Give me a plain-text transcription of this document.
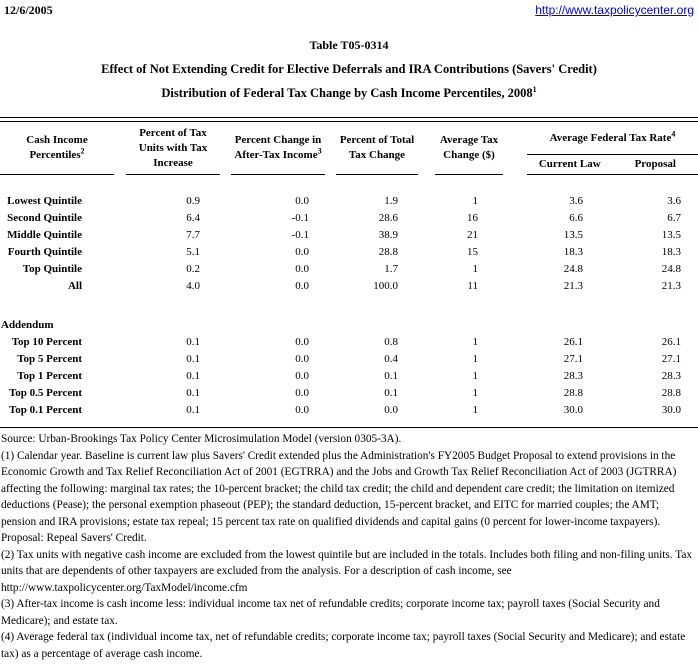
12/6/2005	http://www.taxpolicycenter.org
Table T05-0314
Effect of Not Extending Credit for Elective Deferrals and IRA Contributions (Savers' Credit)
Distribution of Federal Tax Change by Cash Income Percentiles, 2008$^1$
Cash Income Percentiles$^2$	Percent of Tax Units with Tax Increase	Percent Change in After-Tax Income$^3$	Percent of Total Tax Change	Average Tax Change ($)	Average Federal Tax Rate$^4$
Current Law Proposal	

Lowest Quintile	0.9	0.0	1.9	1	3.6	3.6
Second Quintile	6.4	-0.1	28.6	16	6.6	6.7
Middle Quintile	7.7	-0.1	38.9	21	13.5	13.5
Fourth Quintile	5.1	0.0	28.8	15	18.3	18.3
Top Quintile	0.2	0.0	1.7	1	24.8	24.8
All	4.0	0.0	100.0	11	21.3	21.3

Addendum						
Top 10 Percent	0.1	0.0	0.8	1	26.1	26.1
Top 5 Percent	0.1	0.0	0.4	1	27.1	27.1
Top 1 Percent	0.1	0.0	0.1	1	28.3	28.3
Top 0.5 Percent	0.1	0.0	0.1	1	28.8	28.8
Top 0.1 Percent	0.1	0.0	0.0	1	30.0	30.0

Source: Urban-Brookings Tax Policy Center Microsimulation Model (version 0305-3A).

(1) Calendar year. Baseline is current law plus Savers' Credit extended plus the Administration's FY2005 Budget Proposal to extend provisions in the Economic Growth and Tax Relief Reconciliation Act of 2001 (EGTRRA) and the Jobs and Growth Tax Relief Reconciliation Act of 2003 (JGTRRA) affecting the following: marginal tax rates; the 10-percent bracket; the child tax credit; the child and dependent care credit; the limitation on itemized deductions (Pease); the personal exemption phaseout (PEP); the standard deduction, 15-percent bracket, and EITC for married couples; the AMT; pension and IRA provisions; estate tax repeal; 15 percent tax rate on qualified dividends and capital gains (0 percent for lower-income taxpayers). Proposal: Repeal Savers' Credit.

(2) Tax units with negative cash income are excluded from the lowest quintile but are included in the totals. Includes both filing and non-filing units. Tax units that are dependents of other taxpayers are excluded from the analysis. For a description of cash income, see http://www.taxpolicycenter.org/TaxModel/income.cfm

(3) After-tax income is cash income less: individual income tax net of refundable credits; corporate income tax; payroll taxes (Social Security and Medicare); and estate tax.

(4) Average federal tax (individual income tax, net of refundable credits; corporate income tax; payroll taxes (Social Security and Medicare); and estate tax) as a percentage of average cash income.
